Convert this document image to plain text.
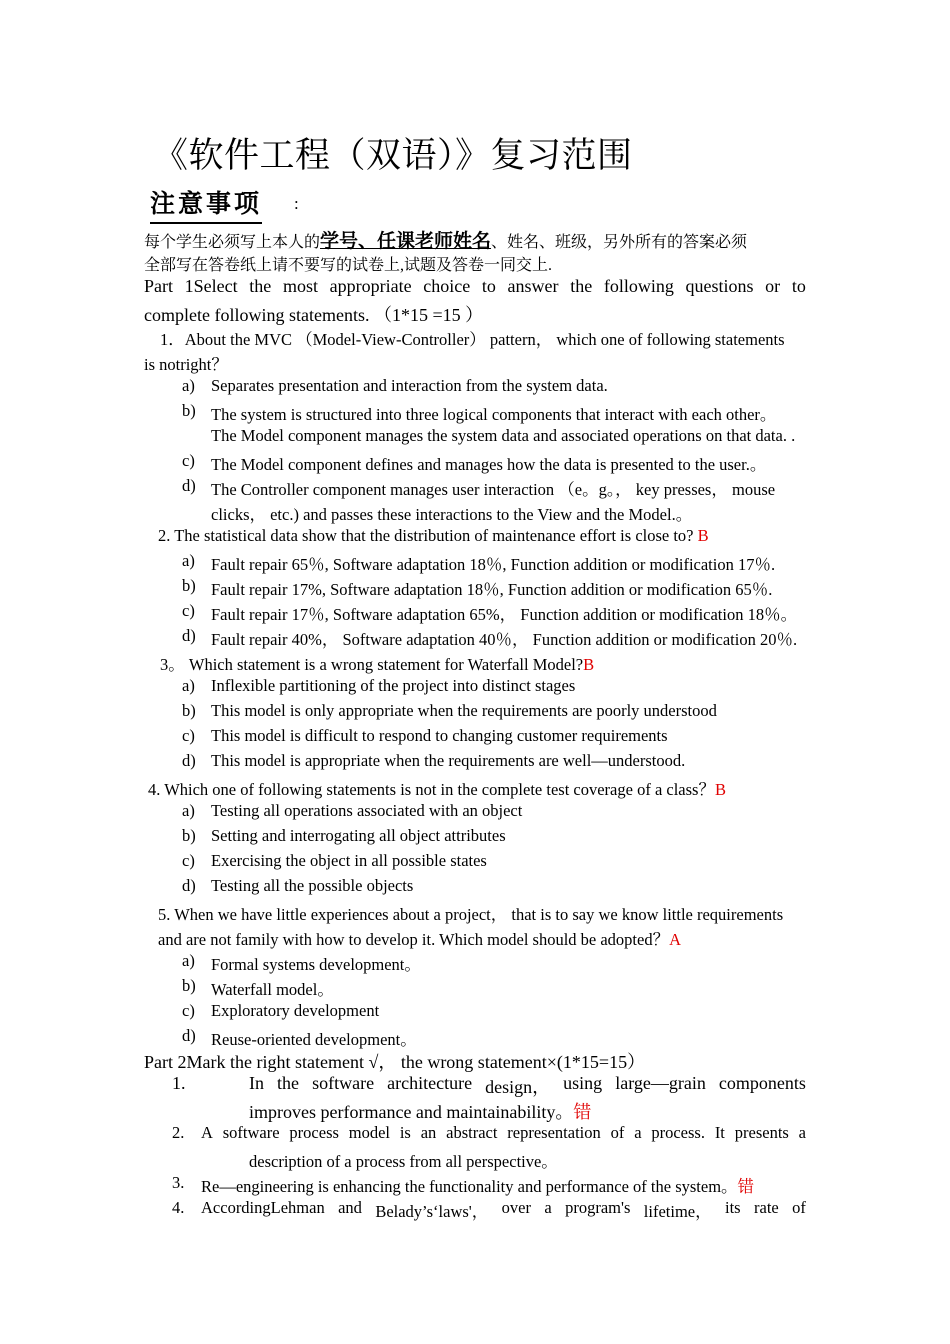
《软件工程（双语）》复习范围
注意事项 :
每个学生必须写上本人的学号、任课老师姓名、姓名、班级，另外所有的答案必须
全部写在答卷纸上请不要写的试卷上,试题及答卷一同交上.
Part 1Select the most appropriate choice to answer the following questions or to
complete following statements. （1*15 =15 ）
1．About the MVC （Model-View-Controller） pattern， which one of following statements
is notright？
a) Separates presentation and interaction from the system data.
b) The system is structured into three logical components that interact with each other。
The Model component manages the system data and associated operations on that data. .
c) The Model component defines and manages how the data is presented to the user.。
d) The Controller component manages user interaction （e。g。， key presses， mouse
clicks， etc.) and passes these interactions to the View and the Model.。
2. The statistical data show that the distribution of maintenance effort is close to? B
a) Fault repair 65％, Software adaptation 18％, Function addition or modification 17％.
b) Fault repair 17%, Software adaptation 18％, Function addition or modification 65％.
c) Fault repair 17％, Software adaptation 65%， Function addition or modification 18％。
d) Fault repair 40%， Software adaptation 40％， Function addition or modification 20％.
3。 Which statement is a wrong statement for Waterfall Model?B
a) Inflexible partitioning of the project into distinct stages
b) This model is only appropriate when the requirements are poorly understood
c) This model is difficult to respond to changing customer requirements
d) This model is appropriate when the requirements are well—understood.
4. Which one of following statements is not in the complete test coverage of a class？B
a) Testing all operations associated with an object
b) Setting and interrogating all object attributes
c) Exercising the object in all possible states
d) Testing all the possible objects
5. When we have little experiences about a project， that is to say we know little requirements
and are not family with how to develop it. Which model should be adopted？A
a) Formal systems development。
b) Waterfall model。
c) Exploratory development
d) Reuse-oriented development。
Part 2Mark the right statement √， the wrong statement×(1*15=15）
1.	In the software architecture design， using large—grain components
improves performance and maintainability。错
2. A software process model is an abstract representation of a process. It presents a
description of a process from all perspective。
3. Re—engineering is enhancing the functionality and performance of the system。错
4. AccordingLehman and Belady’s‘laws'， over a program's lifetime， its rate of
